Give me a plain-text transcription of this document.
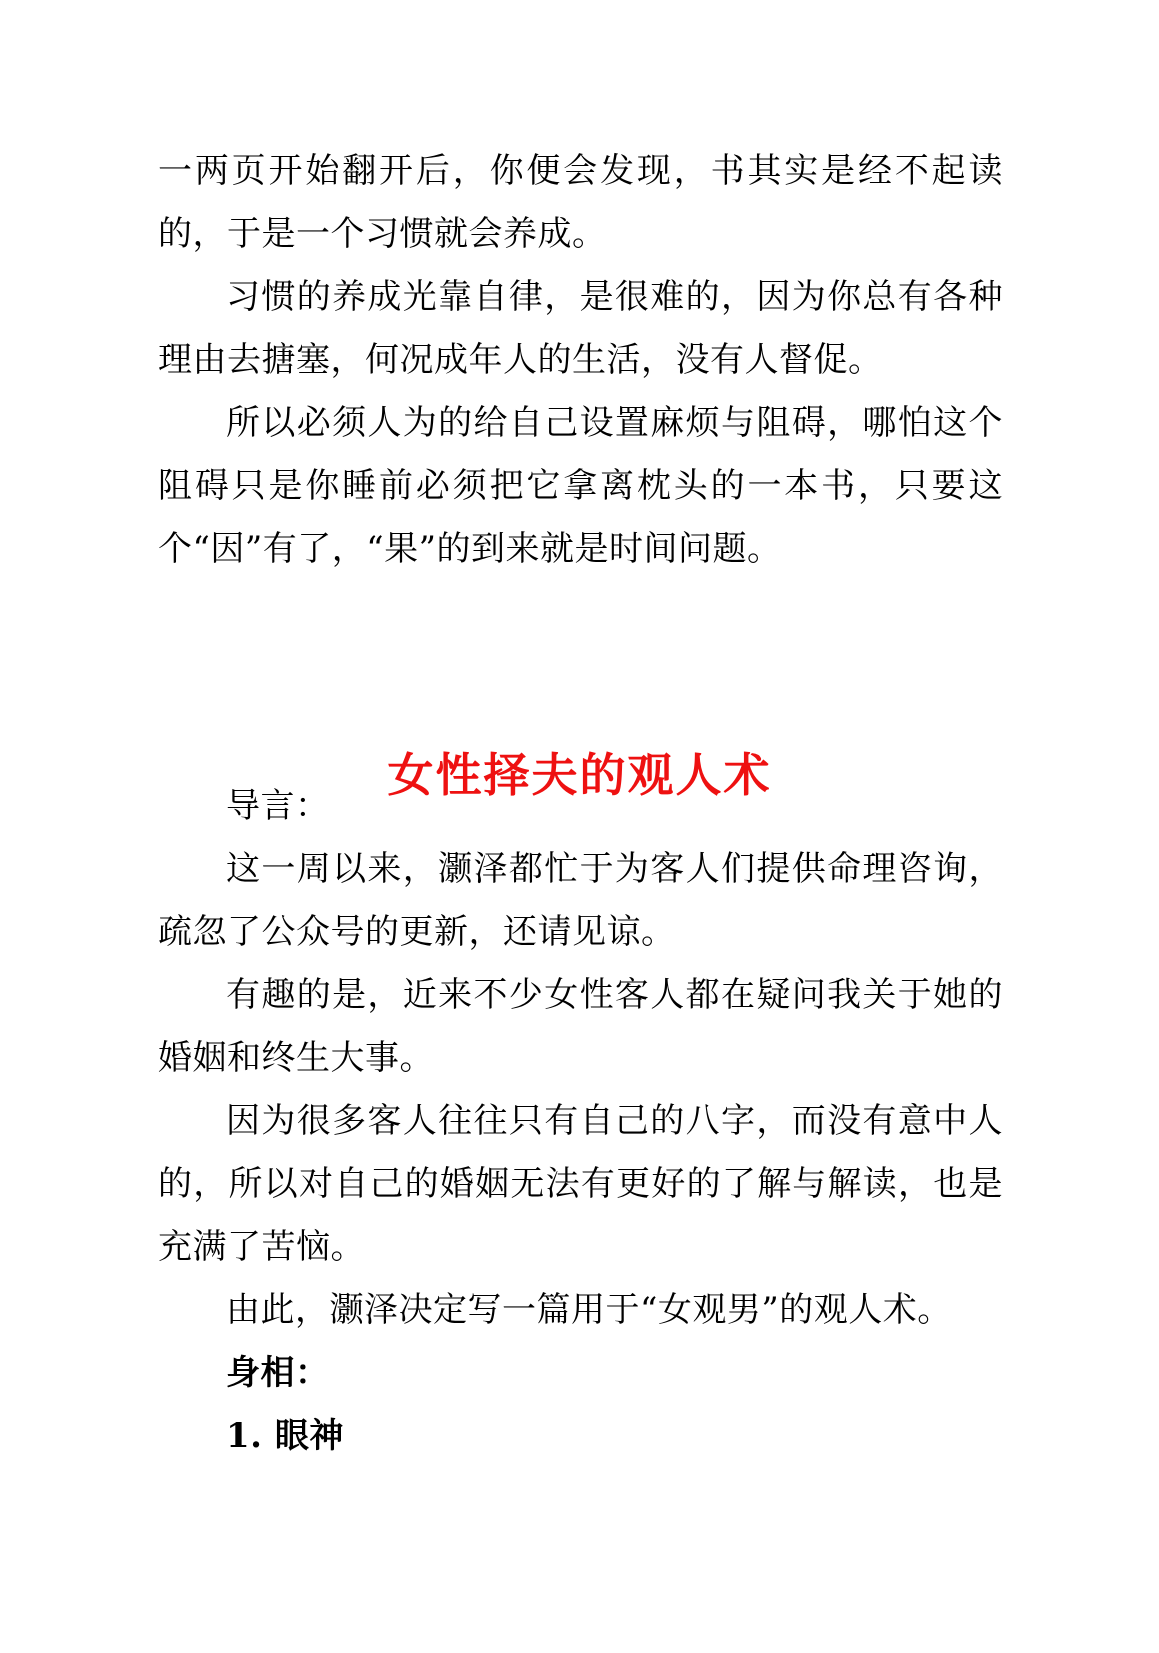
一两页开始翻开后，你便会发现，书其实是经不起读的，于是一个习惯就会养成。

习惯的养成光靠自律，是很难的，因为你总有各种理由去搪塞，何况成年人的生活，没有人督促。

所以必须人为的给自己设置麻烦与阻碍，哪怕这个阻碍只是你睡前必须把它拿离枕头的一本书，只要这个“因”有了，“果”的到来就是时间问题。

女性择夫的观人术

导言：

这一周以来，灏泽都忙于为客人们提供命理咨询，疏忽了公众号的更新，还请见谅。

有趣的是，近来不少女性客人都在疑问我关于她的婚姻和终生大事。

因为很多客人往往只有自己的八字，而没有意中人的，所以对自己的婚姻无法有更好的了解与解读，也是充满了苦恼。

由此，灏泽决定写一篇用于“女观男”的观人术。

身相：

1. 眼神
